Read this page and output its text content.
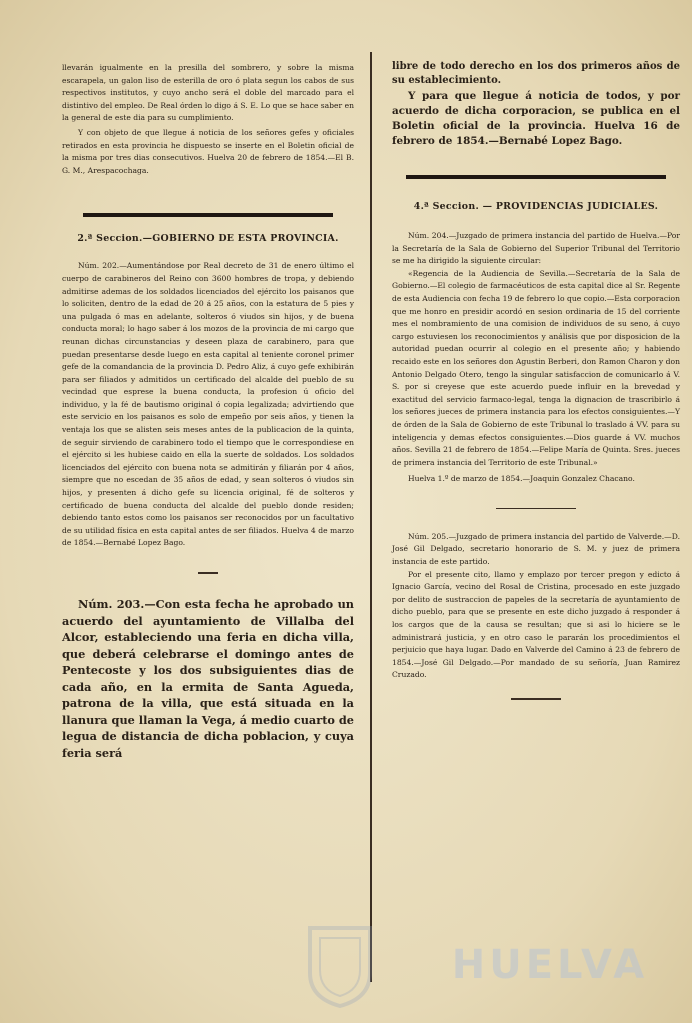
llevarán igualmente en la presilla del sombrero, y sobre la misma escarapela, un galon liso de esterilla de oro ó plata segun los cabos de sus respectivos institutos, y cuyo ancho será el doble del marcado para el distintivo del empleo. De Real órden lo digo á S. E. Lo que se hace saber en la general de este dia para su cumplimiento.

Y con objeto de que llegue á noticia de los señores gefes y oficiales retirados en esta provincia he dispuesto se inserte en el Boletin oficial de la misma por tres dias consecutivos. Huelva 20 de febrero de 1854.—El B. G. M., Arespacochaga.

2.ª Seccion.—GOBIERNO DE ESTA PROVINCIA.

Núm. 202.—Aumentándose por Real decreto de 31 de enero último el cuerpo de carabineros del Reino con 3600 hombres de tropa, y debiendo admitirse ademas de los soldados licenciados del ejército los paisanos que lo soliciten, dentro de la edad de 20 á 25 años, con la estatura de 5 pies y una pulgada ó mas en adelante, solteros ó viudos sin hijos, y de buena conducta moral; lo hago saber á los mozos de la provincia de mi cargo que reunan dichas circunstancias y deseen plaza de carabinero, para que puedan presentarse desde luego en esta capital al teniente coronel primer gefe de la comandancia de la provincia D. Pedro Aliz, á cuyo gefe exhibirán para ser filiados y admitidos un certificado del alcalde del pueblo de su vecindad que esprese la buena conducta, la profesion ú oficio del individuo, y la fé de bautismo original ó copia legalizada; advirtiendo que este servicio en los paisanos es solo de empeño por seis años, y tienen la ventaja los que se alisten seis meses antes de la publicacion de la quinta, de seguir sirviendo de carabinero todo el tiempo que le correspondiese en el ejército si les hubiese caido en ella la suerte de soldados. Los soldados licenciados del ejército con buena nota se admitirán y filiarán por 4 años, siempre que no escedan de 35 años de edad, y sean solteros ó viudos sin hijos, y presenten á dicho gefe su licencia original, fé de solteros y certificado de buena conducta del alcalde del pueblo donde residen; debiendo tanto estos como los paisanos ser reconocidos por un facultativo de su utilidad física en esta capital antes de ser filiados. Huelva 4 de marzo de 1854.—Bernabé Lopez Bago.

Núm. 203.—Con esta fecha he aprobado un acuerdo del ayuntamiento de Villalba del Alcor, estableciendo una feria en dicha villa, que deberá celebrarse el domingo antes de Pentecoste y los dos subsiguientes dias de cada año, en la ermita de Santa Agueda, patrona de la villa, que está situada en la llanura que llaman la Vega, á medio cuarto de legua de distancia de dicha poblacion, y cuya feria será

libre de todo derecho en los dos primeros años de su establecimiento.

Y para que llegue á noticia de todos, y por acuerdo de dicha corporacion, se publica en el Boletin oficial de la provincia. Huelva 16 de febrero de 1854.—Bernabé Lopez Bago.

4.ª Seccion. — PROVIDENCIAS JUDICIALES.

Núm. 204.—Juzgado de primera instancia del partido de Huelva.—Por la Secretaría de la Sala de Gobierno del Superior Tribunal del Territorio se me ha dirigido la siguiente circular:

«Regencia de la Audiencia de Sevilla.—Secretaría de la Sala de Gobierno.—El colegio de farmacéuticos de esta capital dice al Sr. Regente de esta Audiencia con fecha 19 de febrero lo que copio.—Esta corporacion que me honro en presidir acordó en sesion ordinaria de 15 del corriente mes el nombramiento de una comision de individuos de su seno, á cuyo cargo estuviesen los reconocimientos y análisis que por disposicion de la autoridad puedan ocurrir al colegio en el presente año; y habiendo recaido este en los señores don Agustin Berberi, don Ramon Charon y don Antonio Delgado Otero, tengo la singular satisfaccion de comunicarlo á V. S. por si creyese que este acuerdo puede influir en la brevedad y exactitud del servicio farmaco-legal, tenga la dignacion de trascribirlo á los señores jueces de primera instancia para los efectos consiguientes.—Y de órden de la Sala de Gobierno de este Tribunal lo traslado á VV. para su inteligencia y demas efectos consiguientes.—Dios guarde á VV. muchos años. Sevilla 21 de febrero de 1854.—Felipe María de Quinta. Sres. jueces de primera instancia del Territorio de este Tribunal.»

Huelva 1.º de marzo de 1854.—Joaquin Gonzalez Chacano.

Núm. 205.—Juzgado de primera instancia del partido de Valverde.—D. José Gil Delgado, secretario honorario de S. M. y juez de primera instancia de este partido.

Por el presente cito, llamo y emplazo por tercer pregon y edicto á Ignacio García, vecino del Rosal de Cristina, procesado en este juzgado por delito de sustraccion de papeles de la secretaría de ayuntamiento de dicho pueblo, para que se presente en este dicho juzgado á responder á los cargos que de la causa se resultan; que si asi lo hiciere se le administrará justicia, y en otro caso le pararán los procedimientos el perjuicio que haya lugar. Dado en Valverde del Camino á 23 de febrero de 1854.—José Gil Delgado.—Por mandado de su señoría, Juan Ramirez Cruzado.

HUELVA
